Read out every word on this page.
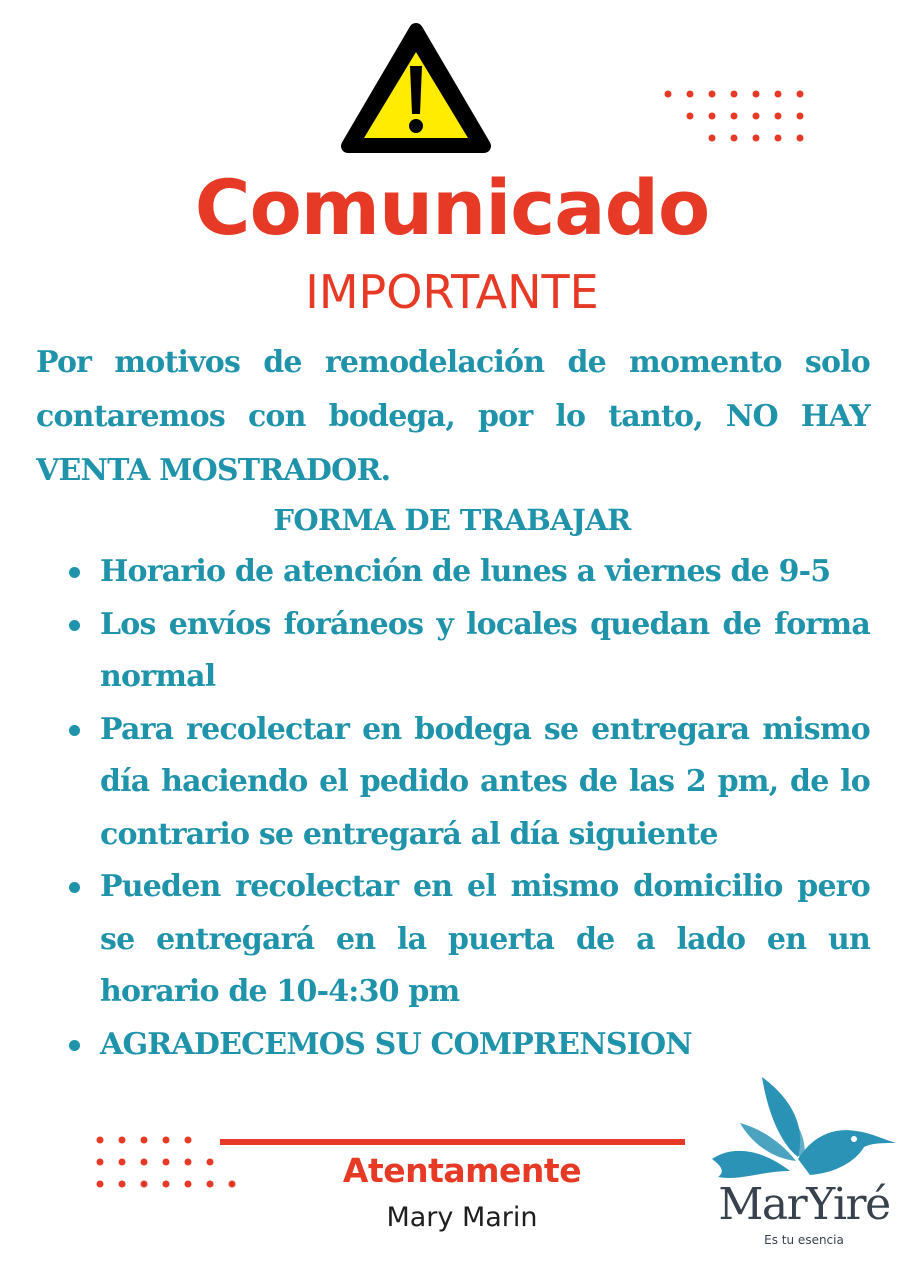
Comunicado
IMPORTANTE
Por motivos de remodelación de momento solo contaremos con bodega, por lo tanto, NO HAY VENTA MOSTRADOR.
FORMA DE TRABAJAR
Horario de atención de lunes a viernes de 9-5
Los envíos foráneos y locales quedan de forma normal
Para recolectar en bodega se entregara mismo día haciendo el pedido antes de las 2 pm, de lo contrario se entregará al día siguiente
Pueden recolectar en el mismo domicilio pero se entregará en la puerta de a lado en un horario de 10-4:30 pm
AGRADECEMOS SU COMPRENSION
Atentamente
Mary Marin	MarYiré
Es tu esencia
